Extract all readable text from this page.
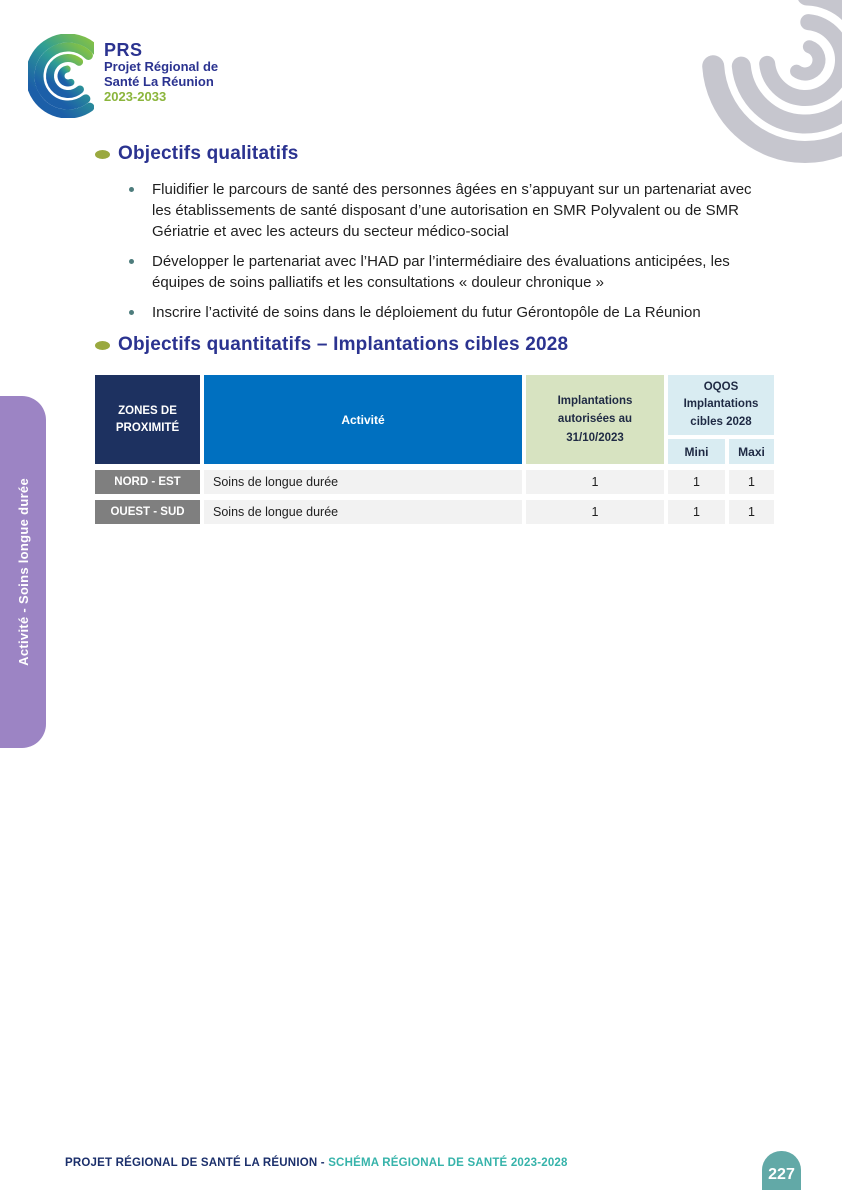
PRS
Projet Régional de
Santé La Réunion
2023-2033
Activité - Soins longue durée
Objectifs qualitatifs
Fluidifier le parcours de santé des personnes âgées en s’appuyant sur un partenariat avec les établissements de santé disposant d’une autorisation en SMR Polyvalent ou de SMR Gériatrie et avec les acteurs du secteur médico-social
Développer le partenariat avec l’HAD par l’intermédiaire des évaluations anticipées, les équipes de soins palliatifs et les consultations « douleur chronique »
Inscrire l’activité de soins dans le déploiement du futur Gérontopôle de La Réunion
Objectifs quantitatifs – Implantations cibles 2028
ZONES DE PROXIMITÉ
Activité
Implantations autorisées au 31/10/2023
OQOS Implantations cibles 2028
Mini	Maxi
NORD - EST	Soins de longue durée	1	1	1
OUEST - SUD	Soins de longue durée	1	1	1
PROJET RÉGIONAL DE SANTÉ LA RÉUNION - SCHÉMA RÉGIONAL DE SANTÉ 2023-2028
227
